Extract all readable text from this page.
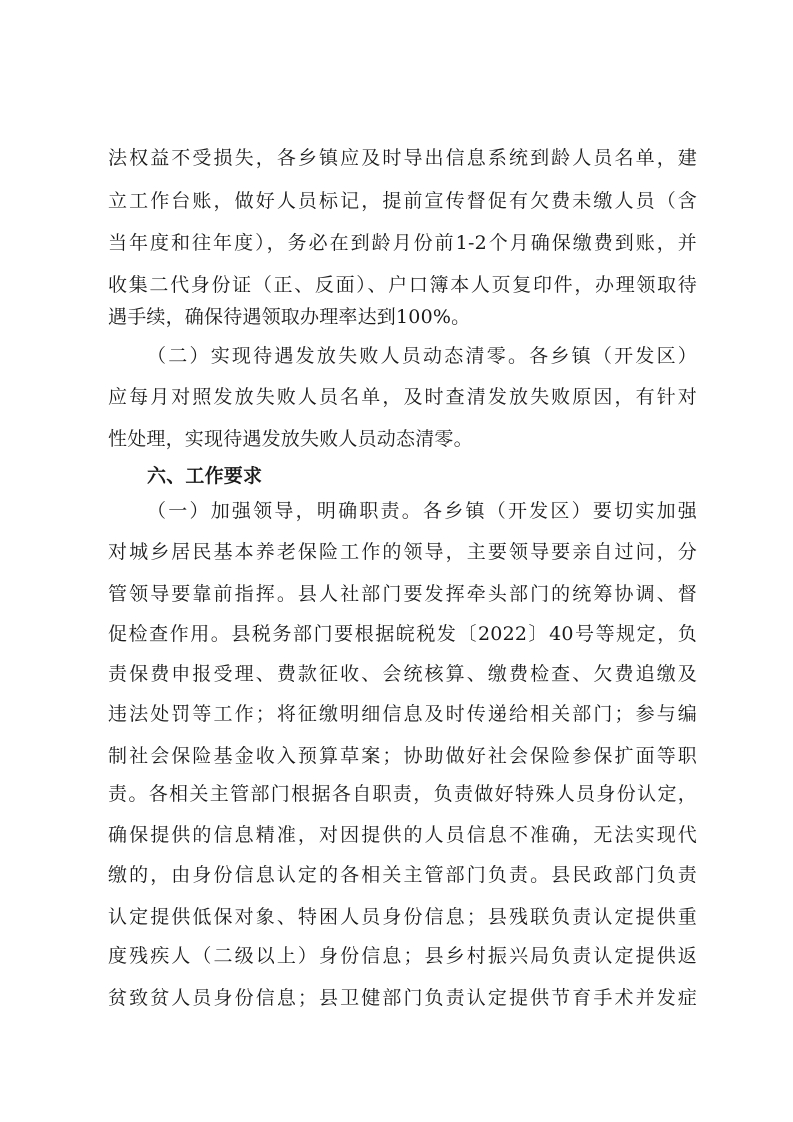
法权益不受损失，各乡镇应及时导出信息系统到龄人员名单，建
立工作台账，做好人员标记，提前宣传督促有欠费未缴人员（含
当年度和往年度），务必在到龄月份前1-2个月确保缴费到账，并
收集二代身份证（正、反面）、户口簿本人页复印件，办理领取待
遇手续，确保待遇领取办理率达到100%。
（二）实现待遇发放失败人员动态清零。各乡镇（开发区）
应每月对照发放失败人员名单，及时查清发放失败原因，有针对
性处理，实现待遇发放失败人员动态清零。
六、工作要求
（一）加强领导，明确职责。各乡镇（开发区）要切实加强
对城乡居民基本养老保险工作的领导，主要领导要亲自过问，分
管领导要靠前指挥。县人社部门要发挥牵头部门的统筹协调、督
促检查作用。县税务部门要根据皖税发〔2022〕40号等规定，负
责保费申报受理、费款征收、会统核算、缴费检查、欠费追缴及
违法处罚等工作；将征缴明细信息及时传递给相关部门；参与编
制社会保险基金收入预算草案；协助做好社会保险参保扩面等职
责。各相关主管部门根据各自职责，负责做好特殊人员身份认定，
确保提供的信息精准，对因提供的人员信息不准确，无法实现代
缴的，由身份信息认定的各相关主管部门负责。县民政部门负责
认定提供低保对象、特困人员身份信息；县残联负责认定提供重
度残疾人（二级以上）身份信息；县乡村振兴局负责认定提供返
贫致贫人员身份信息；县卫健部门负责认定提供节育手术并发症
